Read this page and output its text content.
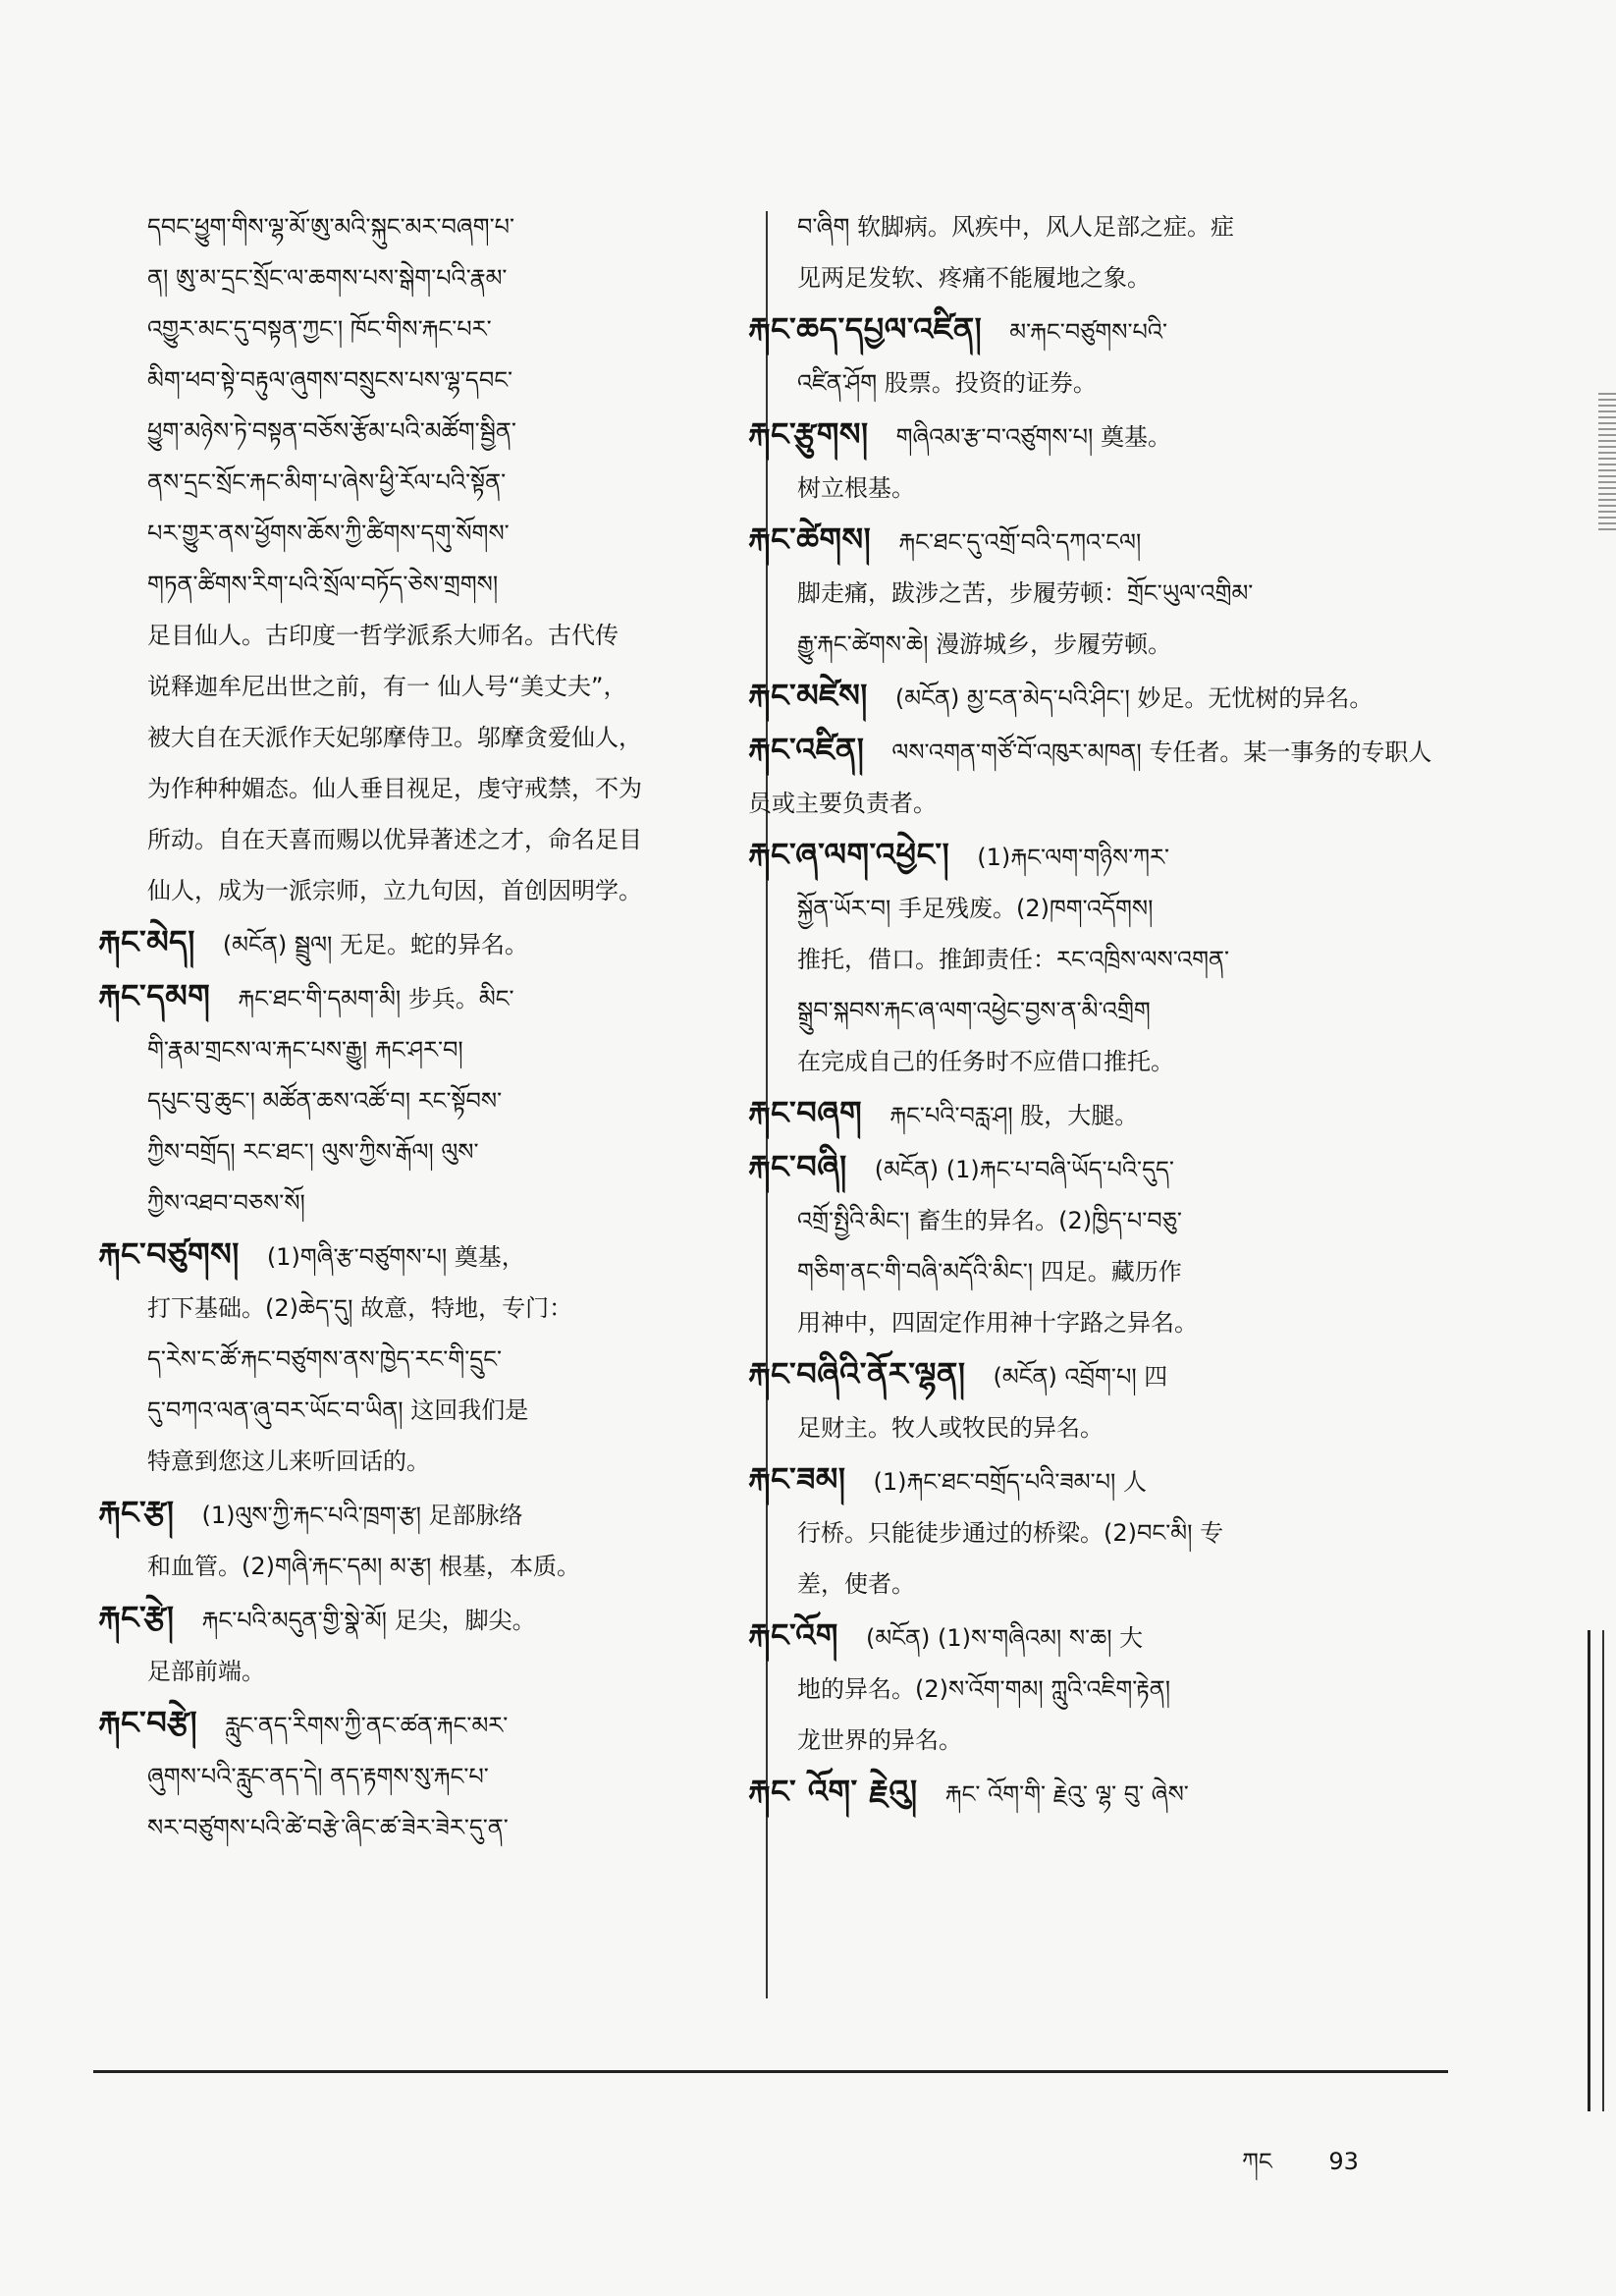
དབང་ཕྱུག་གིས་ལྷ་མོ་ཨུ་མའི་སྐུང་མར་བཞག་པ་

ན། ཨུ་མ་དྲང་སྲོང་ལ་ཆགས་པས་སྒེག་པའི་རྣམ་

འགྱུར་མང་དུ་བསྟན་ཀྱང་། ཁོང་གིས་རྐང་པར་

མིག་ཕབ་སྟེ་བརྟུལ་ཞུགས་བསྲུངས་པས་ལྷ་དབང་

ཕྱུག་མཉེས་ཏེ་བསྟན་བཅོས་རྩོམ་པའི་མཚོག་སྦྱིན་

ནས་དྲང་སྲོང་རྐང་མིག་པ་ཞེས་ཕྱི་རོལ་པའི་སྟོན་

པར་གྱུར་ནས་ཕྱོགས་ཆོས་ཀྱི་ཚིགས་དགུ་སོགས་

གཏན་ཚིགས་རིག་པའི་སྲོལ་བཏོད་ཅེས་གྲགས།

足目仙人。古印度一哲学派系大师名。古代传

说释迦牟尼出世之前，有一 仙人号“美丈夫”，

被大自在天派作天妃邬摩侍卫。邬摩贪爱仙人，

为作种种媚态。仙人垂目视足，虔守戒禁，不为

所动。自在天喜而赐以优异著述之才，命名足目

仙人，成为一派宗师，立九句因，首创因明学。

རྐང་མེད། (མངོན) སྦྲུལ། 无足。蛇的异名。

རྐང་དམག རྐང་ཐང་གི་དམག་མི། 步兵。མིང་

གི་རྣམ་གྲངས་ལ་རྐང་པས་རྒྱུ། རྐང་ཤར་བ།

དཔུང་བུ་ཆུང་། མཚོན་ཆས་འཚོ་བ། རང་སྟོབས་

ཀྱིས་བགྲོད། རང་ཐང་། ལུས་ཀྱིས་རྒོལ། ལུས་

ཀྱིས་འཐབ་བཅས་སོ།

རྐང་བཙུགས། (1)གཞི་རྩ་བཙུགས་པ། 奠基，

打下基础。(2)ཆེད་དུ། 故意，特地，专门：

ད་རེས་ང་ཚོ་རྐང་བཙུགས་ནས་ཁྱེད་རང་གི་དྲུང་

དུ་བཀའ་ལན་ཞུ་བར་ཡོང་བ་ཡིན། 这回我们是

特意到您这儿来听回话的。

རྐང་རྩ། (1)ལུས་ཀྱི་རྐང་པའི་ཁྲག་རྩ། 足部脉络

和血管。(2)གཞི་རྐང་དམ། མ་རྩ། 根基，本质。

རྐང་རྩེ། རྐང་པའི་མདུན་གྱི་སྣེ་མོ། 足尖，脚尖。

足部前端。

རྐང་བརྩེ། རླུང་ནད་རིགས་ཀྱི་ནང་ཚན་རྐང་མར་

ཞུགས་པའི་རླུང་ནད་དེ། ནད་རྟགས་སུ་རྐང་པ་

སར་བཙུགས་པའི་ཚེ་བརྩེ་ཞིང་ཚ་ཟེར་ཟེར་དུ་ན་

བ་ཞིག 软脚病。风疾中，风人足部之症。症

见两足发软、疼痛不能履地之象。

རྐང་ཆད་དཔྱལ་འཛིན། མ་རྐང་བཙུགས་པའི་

འཛིན་ཤོག 股票。投资的证券。

རྐང་རྩུགས། གཞིའམ་རྩ་བ་འཙུགས་པ། 奠基。

树立根基。

རྐང་ཚེགས། རྐང་ཐང་དུ་འགྲོ་བའི་དཀའ་ངལ།

脚走痛，跋涉之苦，步履劳顿：གྲོང་ཡུལ་འགྲིམ་

རྒྱུ་རྐང་ཚེགས་ཆེ། 漫游城乡，步履劳顿。

རྐང་མཛེས། (མངོན) མྱ་ངན་མེད་པའི་ཤིང་། 妙足。无忧树的异名。

རྐང་འཛིན། ལས་འགན་གཙོ་བོ་འཁུར་མཁན། 专任者。某一事务的专职人员或主要负责者。

རྐང་ཞ་ལག་འཕྱེང་། (1)རྐང་ལག་གཉིས་ཀར་

སྐྱོན་ཡོར་བ། 手足残废。(2)ཁག་འདོགས།

推托，借口。推卸责任：རང་འཁྲིས་ལས་འགན་

སྒྲུབ་སྐབས་རྐང་ཞ་ལག་འཕྱེང་བྱས་ན་མི་འགྲིག

在完成自己的任务时不应借口推托。

རྐང་བཞག རྐང་པའི་བརླ་ཤ། 股，大腿。

རྐང་བཞི། (མངོན) (1)རྐང་པ་བཞི་ཡོད་པའི་དུད་

འགྲོ་སྤྱིའི་མིང་། 畜生的异名。(2)ཁྱིད་པ་བཅུ་

གཅིག་ནང་གི་བཞི་མདོའི་མིང་། 四足。藏历作

用神中，四固定作用神十字路之异名。

རྐང་བཞིའི་ནོར་ལྷན། (མངོན) འབྲོག་པ། 四

足财主。牧人或牧民的异名。

རྐང་ཟམ། (1)རྐང་ཐང་བགྲོད་པའི་ཟམ་པ། 人

行桥。只能徒步通过的桥梁。(2)བང་མི། 专

差，使者。

རྐང་འོག (མངོན) (1)ས་གཞིའམ། ས་ཆ། 大

地的异名。(2)ས་འོག་གམ། ཀླུའི་འཇིག་རྟེན།

龙世界的异名。

རྐང་ འོག་ རྗེའུ། རྐང་ འོག་གི་ རྗེའུ་ ལྷ་ བུ་ ཞེས་

ཀང 93
